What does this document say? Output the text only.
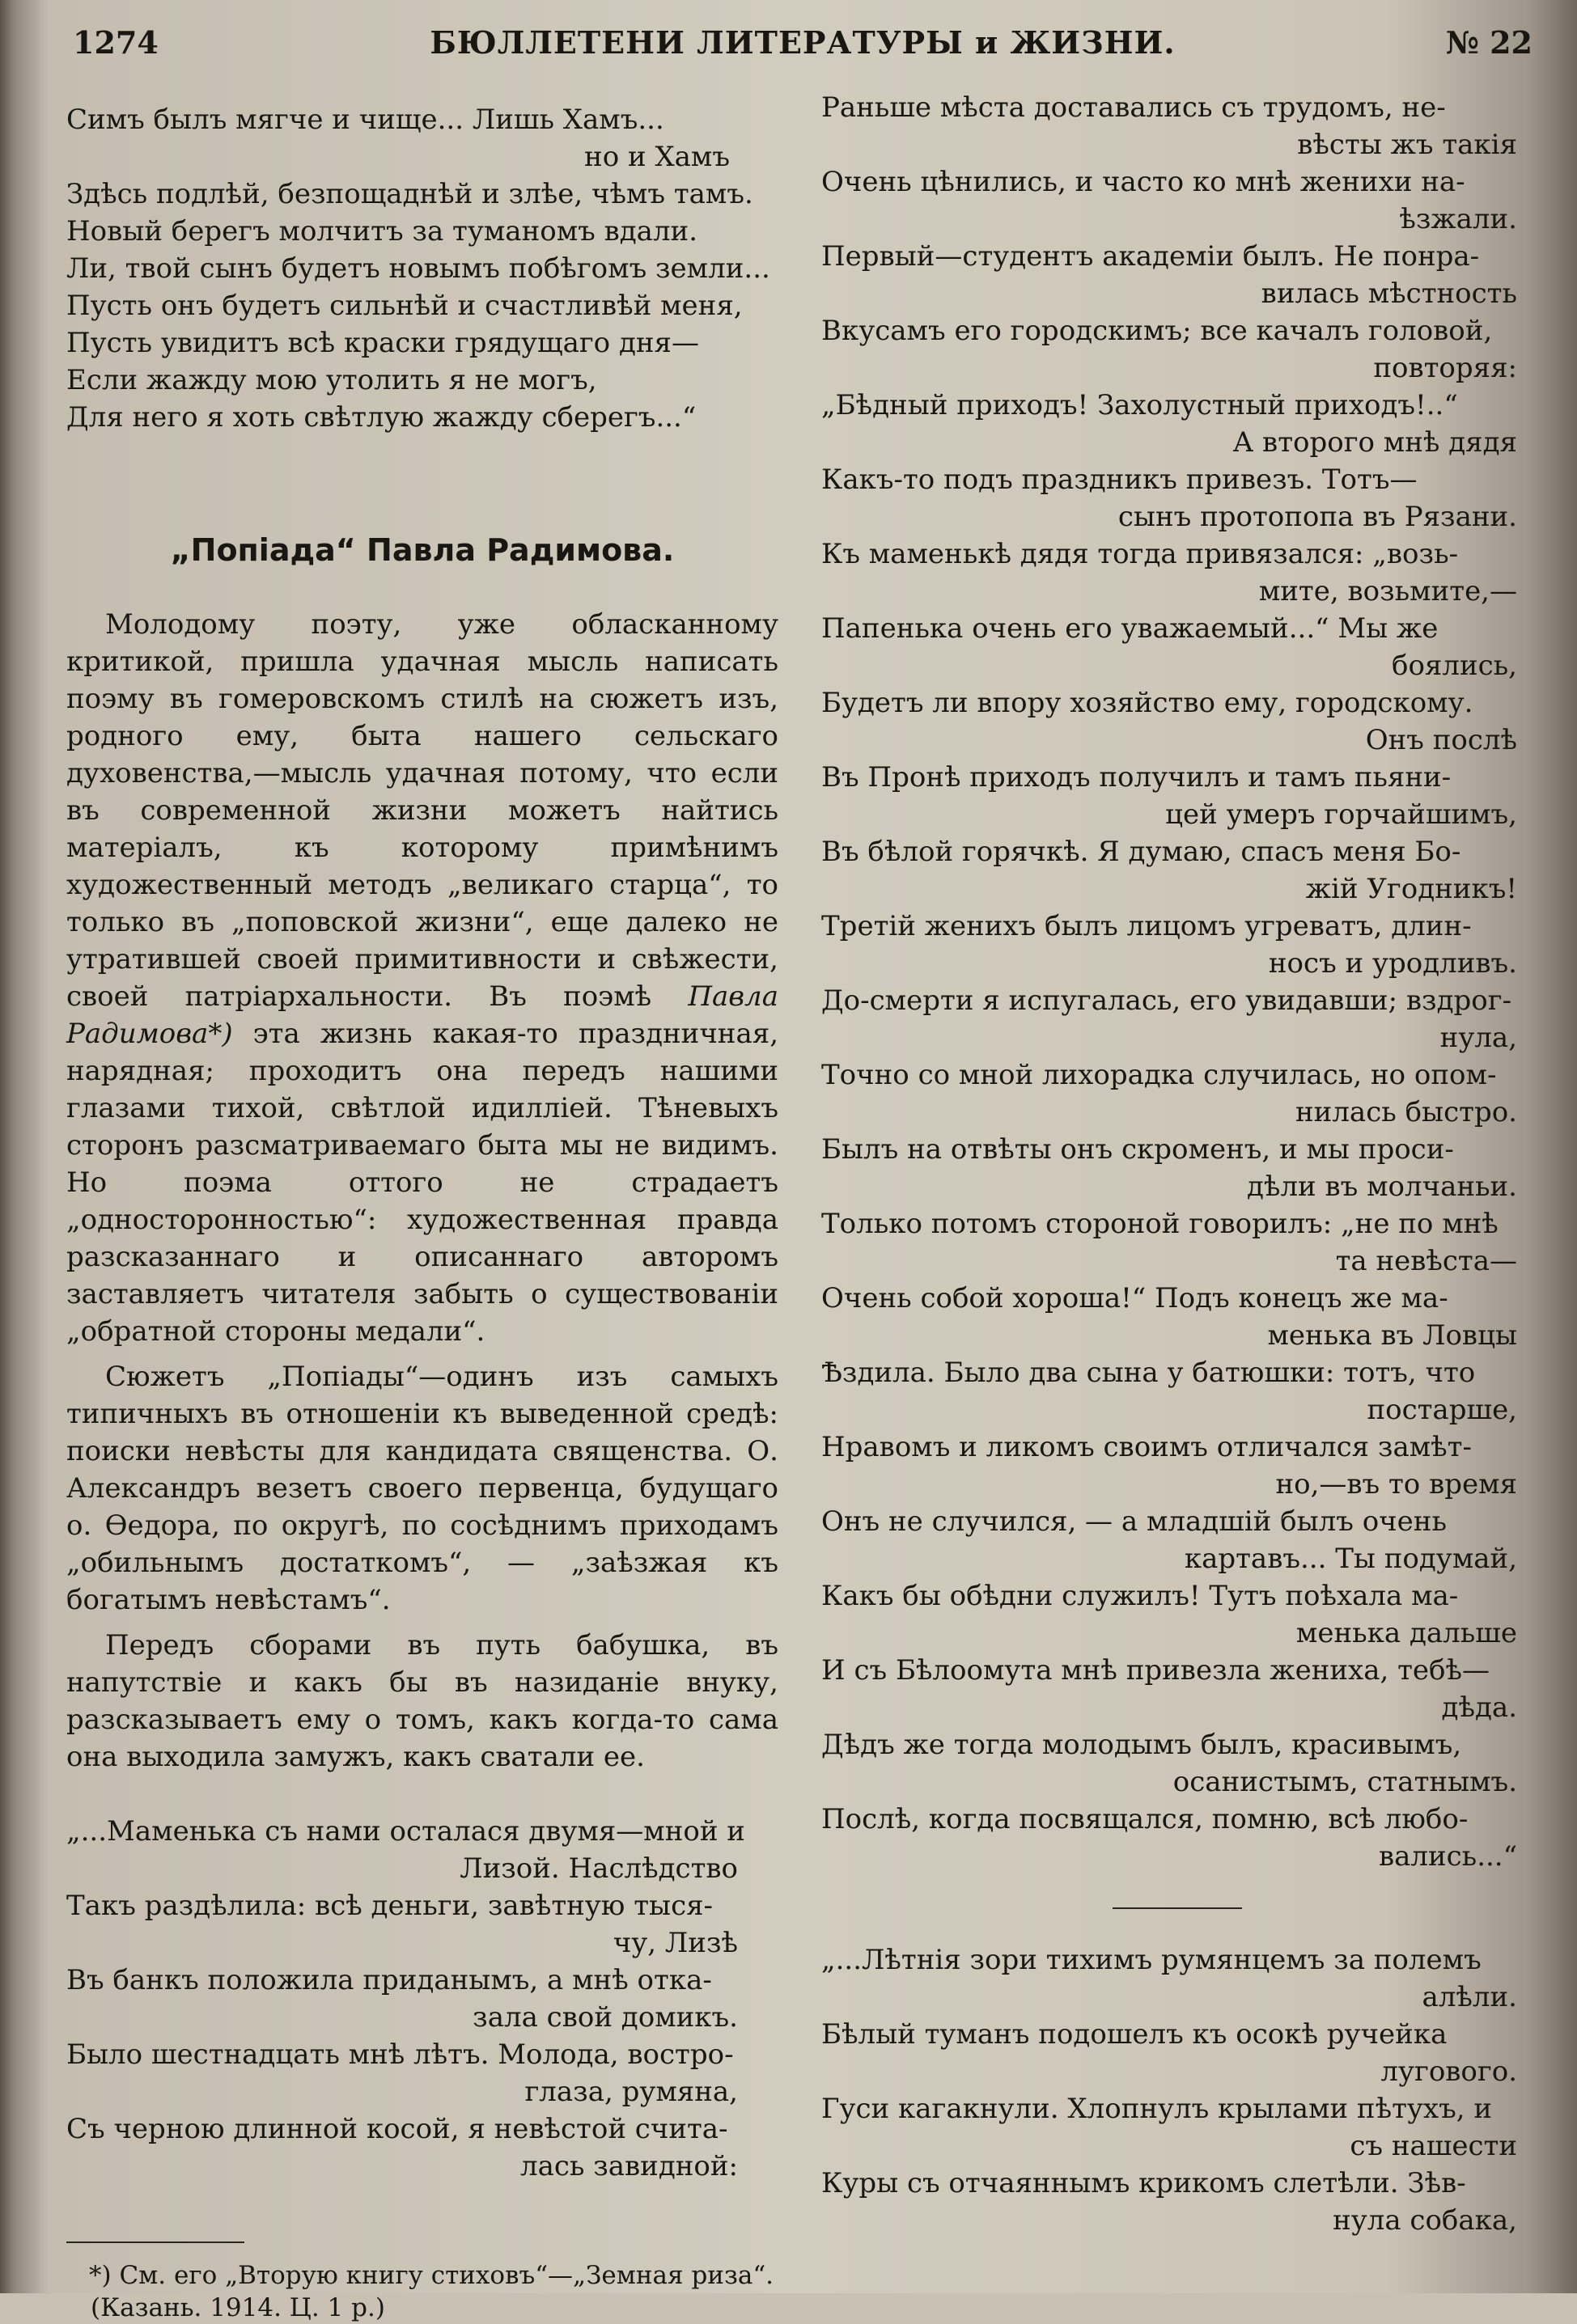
1274	БЮЛЛЕТЕНИ ЛИТЕРАТУРЫ и ЖИЗНИ.	№ 22

Симъ былъ мягче и чище... Лишь Хамъ...

но и Хамъ

Здѣсь подлѣй, безпощаднѣй и злѣе, чѣмъ тамъ.

Новый берегъ молчитъ за туманомъ вдали.

Ли, твой сынъ будетъ новымъ побѣгомъ земли...

Пусть онъ будетъ сильнѣй и счастливѣй меня,

Пусть увидитъ всѣ краски грядущаго дня—

Если жажду мою утолить я не могъ,

Для него я хоть свѣтлую жажду сберегъ...“

„Попіада“ Павла Радимова.

Молодому поэту, уже обласканному критикой, пришла удачная мысль написать поэму въ гомеровскомъ стилѣ на сюжетъ изъ, родного ему, быта нашего сельскаго духовенства,—мысль удачная потому, что если въ современной жизни можетъ найтись матеріалъ, къ которому примѣнимъ художественный методъ „великаго старца“, то только въ „поповской жизни“, еще далеко не утратившей своей примитивности и свѣжести, своей патріархальности. Въ поэмѣ Павла Радимова*) эта жизнь какая-то праздничная, нарядная; проходитъ она передъ нашими глазами тихой, свѣтлой идилліей. Тѣневыхъ сторонъ разсматриваемаго быта мы не видимъ. Но поэма оттого не страдаетъ „односторонностью“: художественная правда разсказаннаго и описаннаго авторомъ заставляетъ читателя забыть о существованіи „обратной стороны медали“.

Сюжетъ „Попіады“—одинъ изъ самыхъ типичныхъ въ отношеніи къ выведенной средѣ: поиски невѣсты для кандидата священства. О. Александръ везетъ своего первенца, будущаго о. Ѳедора, по округѣ, по сосѣднимъ приходамъ „обильнымъ достаткомъ“, — „заѣзжая къ богатымъ невѣстамъ“.

Передъ сборами въ путь бабушка, въ напутствіе и какъ бы въ назиданіе внуку, разсказываетъ ему о томъ, какъ когда-то сама она выходила замужъ, какъ сватали ее.

„...Маменька съ нами осталася двумя—мной и

Лизой. Наслѣдство

Такъ раздѣлила: всѣ деньги, завѣтную тыся-

чу, Лизѣ

Въ банкъ положила приданымъ, а мнѣ отка-

зала свой домикъ.

Было шестнадцать мнѣ лѣтъ. Молода, востро-

глаза, румяна,

Съ черною длинной косой, я невѣстой счита-

лась завидной:

*) См. его „Вторую книгу стиховъ“—„Земная риза“. (Казань. 1914. Ц. 1 р.)

Раньше мѣста доставались съ трудомъ, не-

вѣсты жъ такія

Очень цѣнились, и часто ко мнѣ женихи на-

ѣзжали.

Первый—студентъ академіи былъ. Не понра-

вилась мѣстность

Вкусамъ его городскимъ; все качалъ головой,

повторяя:

„Бѣдный приходъ! Захолустный приходъ!..“

А второго мнѣ дядя

Какъ-то подъ праздникъ привезъ. Тотъ—

сынъ протопопа въ Рязани.

Къ маменькѣ дядя тогда привязался: „возь-

мите, возьмите,—

Папенька очень его уважаемый...“ Мы же

боялись,

Будетъ ли впору хозяйство ему, городскому.

Онъ послѣ

Въ Пронѣ приходъ получилъ и тамъ пьяни-

цей умеръ горчайшимъ,

Въ бѣлой горячкѣ. Я думаю, спасъ меня Бо-

жій Угодникъ!

Третій женихъ былъ лицомъ угреватъ, длин-

носъ и уродливъ.

До-смерти я испугалась, его увидавши; вздрог-

нула,

Точно со мной лихорадка случилась, но опом-

нилась быстро.

Былъ на отвѣты онъ скроменъ, и мы проси-

дѣли въ молчаньи.

Только потомъ стороной говорилъ: „не по мнѣ

та невѣста—

Очень собой хороша!“ Подъ конецъ же ма-

менька въ Ловцы

Ѣздила. Было два сына у батюшки: тотъ, что

постарше,

Нравомъ и ликомъ своимъ отличался замѣт-

но,—въ то время

Онъ не случился, — а младшій былъ очень

картавъ... Ты подумай,

Какъ бы обѣдни служилъ! Тутъ поѣхала ма-

менька дальше

И съ Бѣлоомута мнѣ привезла жениха, тебѣ—

дѣда.

Дѣдъ же тогда молодымъ былъ, красивымъ,

осанистымъ, статнымъ.

Послѣ, когда посвящался, помню, всѣ любо-

вались...“

„...Лѣтнія зори тихимъ румянцемъ за полемъ

алѣли.

Бѣлый туманъ подошелъ къ осокѣ ручейка

лугового.

Гуси кагакнули. Хлопнулъ крылами пѣтухъ, и

съ нашести

Куры съ отчаяннымъ крикомъ слетѣли. Зѣв-

нула собака,
